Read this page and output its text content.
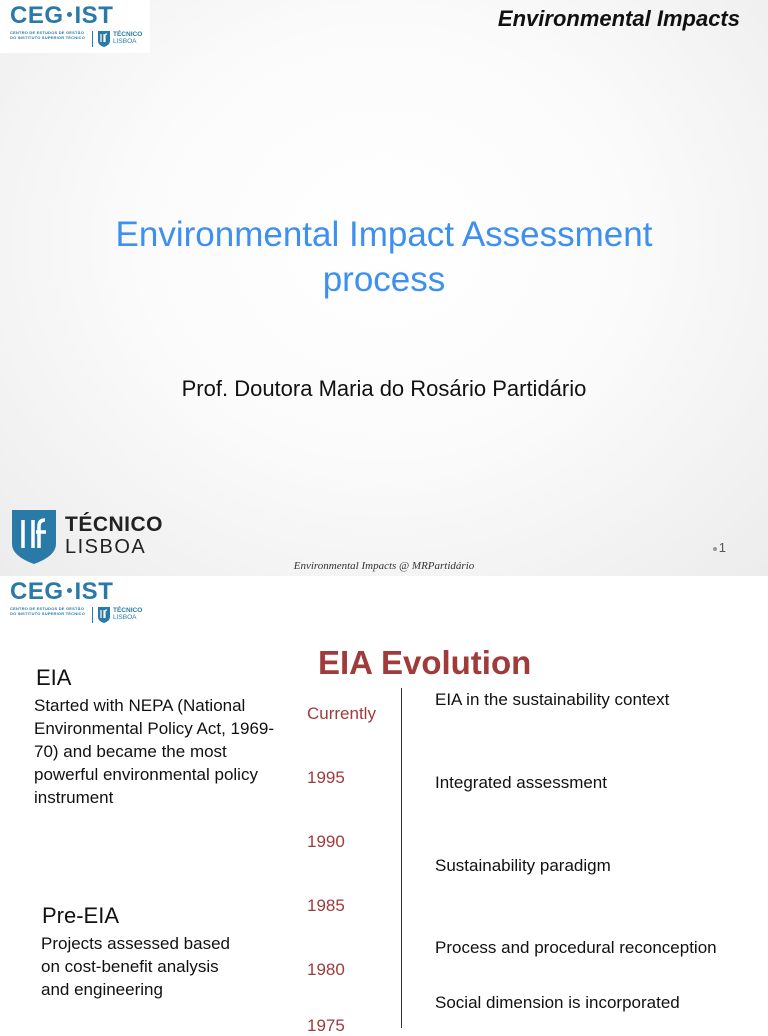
CEG IST
CENTRO DE ESTUDOS DE GESTÃO DO INSTITUTO SUPERIOR TÉCNICO	TÉCNICO
LISBOA
Environmental Impacts
Environmental Impact Assessment
process
Prof. Doutora Maria do Rosário Partidário
TÉCNICO
LISBOA	1
Environmental Impacts @ MRPartidário
CEG IST
CENTRO DE ESTUDOS DE GESTÃO DO INSTITUTO SUPERIOR TÉCNICO	TÉCNICO
LISBOA
EIA Evolution
EIA
Started with NEPA (National Environmental Policy Act, 1969-70) and became the most powerful environmental policy instrument
Pre-EIA
Projects assessed based on cost-benefit analysis and engineering
Currently
1995
1990
1985
1980
1975
EIA in the sustainability context
Integrated assessment
Sustainability paradigm
Process and procedural reconception
Social dimension is incorporated
